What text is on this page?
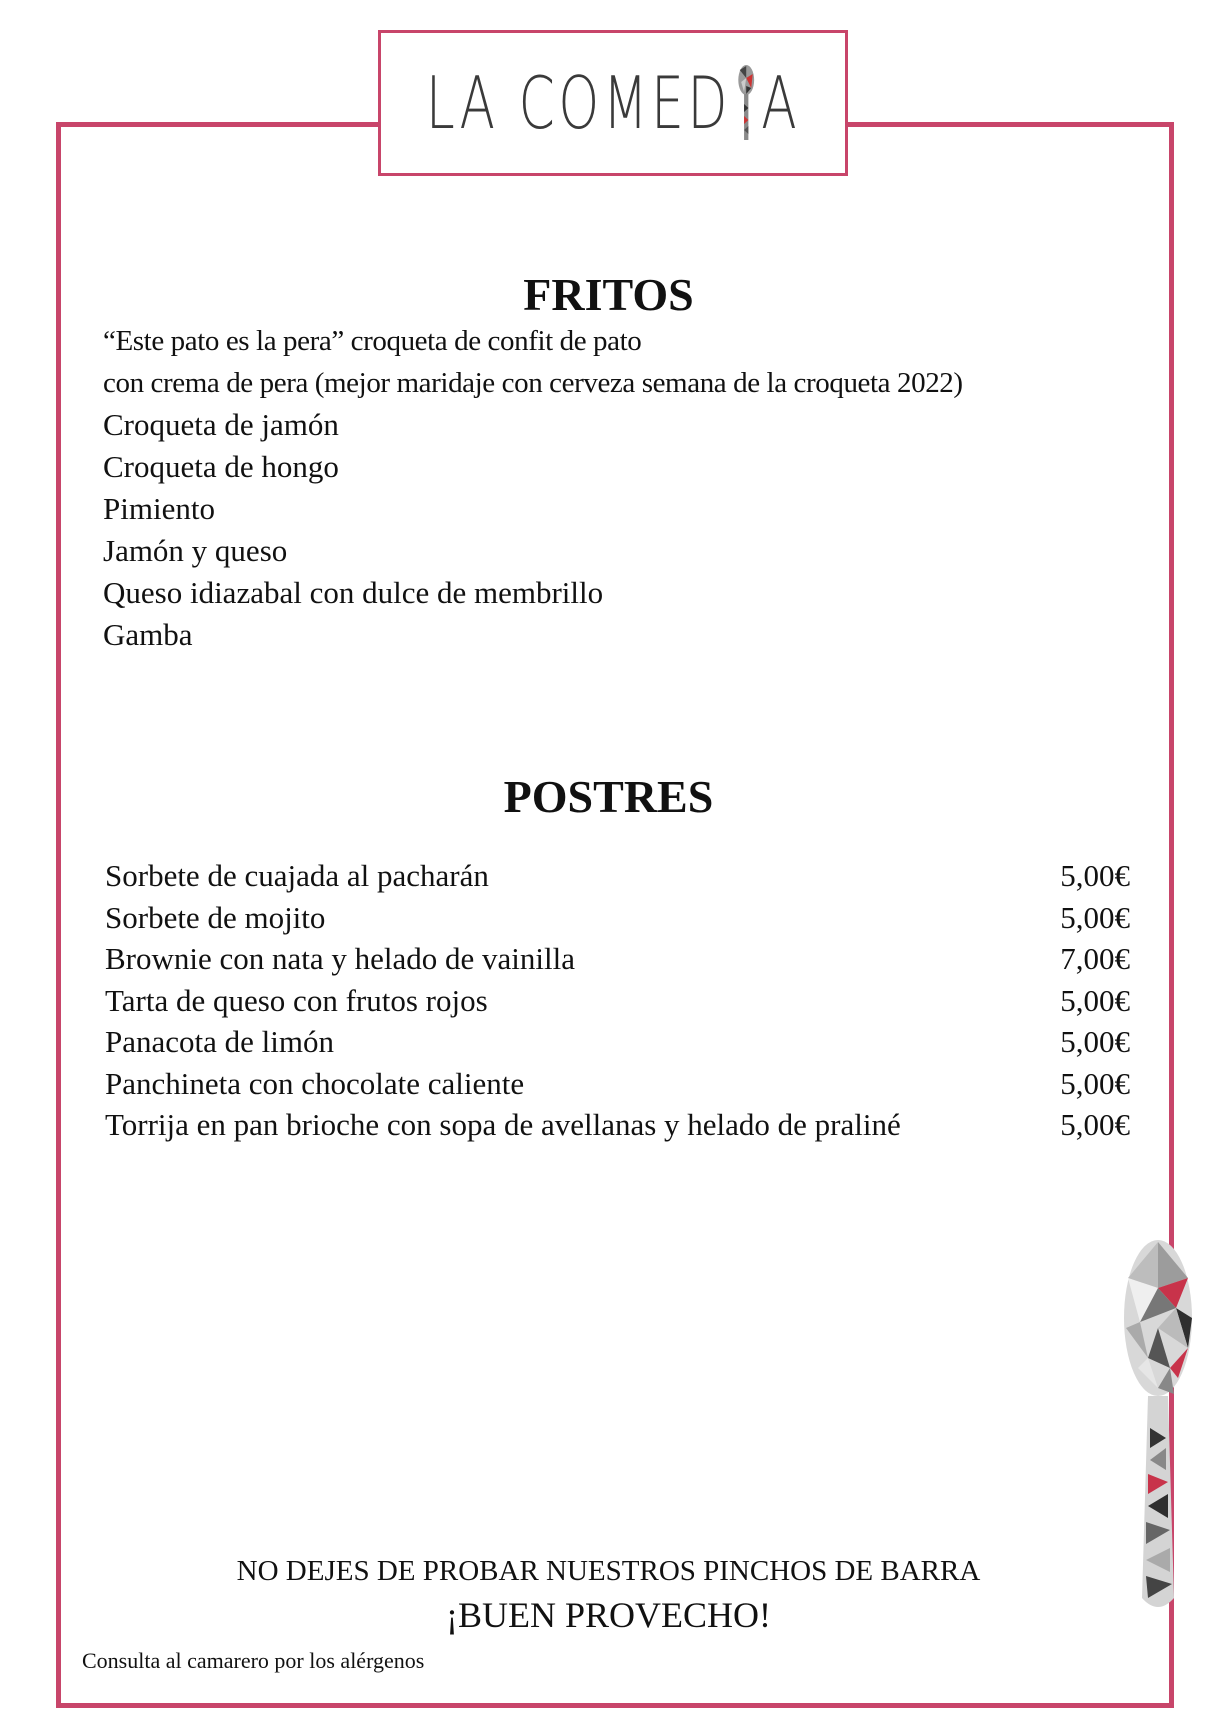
LA COMED A
FRITOS
“Este pato es la pera” croqueta de confit de pato
con crema de pera (mejor maridaje con cerveza semana de la croqueta 2022)
Croqueta de jamón
Croqueta de hongo
Pimiento
Jamón y queso
Queso idiazabal con dulce de membrillo
Gamba
POSTRES
Sorbete de cuajada al pacharán	5,00€
Sorbete de mojito	5,00€
Brownie con nata y helado de vainilla	7,00€
Tarta de queso con frutos rojos	5,00€
Panacota de limón	5,00€
Panchineta con chocolate caliente	5,00€
Torrija en pan brioche con sopa de avellanas y helado de praliné	5,00€
NO DEJES DE PROBAR NUESTROS PINCHOS DE BARRA
¡BUEN PROVECHO!
Consulta al camarero por los alérgenos
